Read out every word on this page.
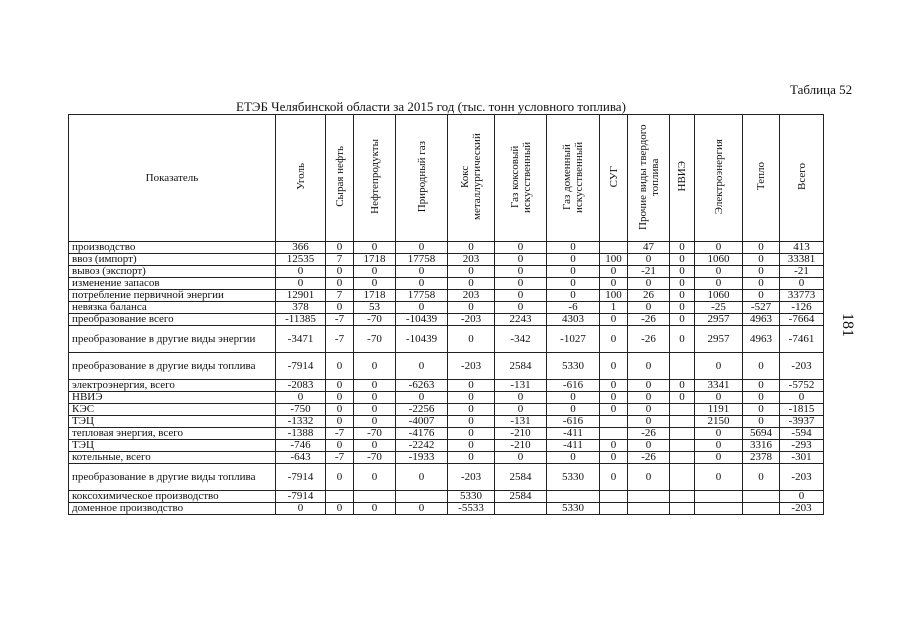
Таблица 52
ЕТЭБ Челябинской области за 2015 год (тыс. тонн условного топлива)
181
Показатель	Уголь	Сырая нефть	Нефтепродукты	Природный газ	Кокс металлургический	Газ коксовый искусственный	Газ доменный искусственный	СУГ	Прочие виды твердого топлива	НВИЭ	Электроэнергия	Тепло	Всего
производство	366	0	0	0	0	0	0		47	0	0	0	413
ввоз (импорт)	12535	7	1718	17758	203	0	0	100	0	0	1060	0	33381
вывоз (экспорт)	0	0	0	0	0	0	0	0	-21	0	0	0	-21
изменение запасов	0	0	0	0	0	0	0	0	0	0	0	0	0
потребление первичной энергии	12901	7	1718	17758	203	0	0	100	26	0	1060	0	33773
невязка баланса	378	0	53	0	0	0	-6	1	0	0	-25	-527	-126
преобразование всего	-11385	-7	-70	-10439	-203	2243	4303	0	-26	0	2957	4963	-7664
преобразование в другие виды энергии	-3471	-7	-70	-10439	0	-342	-1027	0	-26	0	2957	4963	-7461
преобразование в другие виды топлива	-7914	0	0	0	-203	2584	5330	0	0		0	0	-203
электроэнергия, всего	-2083	0	0	-6263	0	-131	-616	0	0	0	3341	0	-5752
НВИЭ	0	0	0	0	0	0	0	0	0	0	0	0	0
КЭС	-750	0	0	-2256	0	0	0	0	0		1191	0	-1815
ТЭЦ	-1332	0	0	-4007	0	-131	-616		0		2150	0	-3937
тепловая энергия, всего	-1388	-7	-70	-4176	0	-210	-411		-26		0	5694	-594
ТЭЦ	-746	0	0	-2242	0	-210	-411	0	0		0	3316	-293
котельные, всего	-643	-7	-70	-1933	0	0	0	0	-26		0	2378	-301
преобразование в другие виды топлива	-7914	0	0	0	-203	2584	5330	0	0		0	0	-203
коксохимическое производство	-7914				5330	2584							0
доменное производство	0	0	0	0	-5533		5330						-203
